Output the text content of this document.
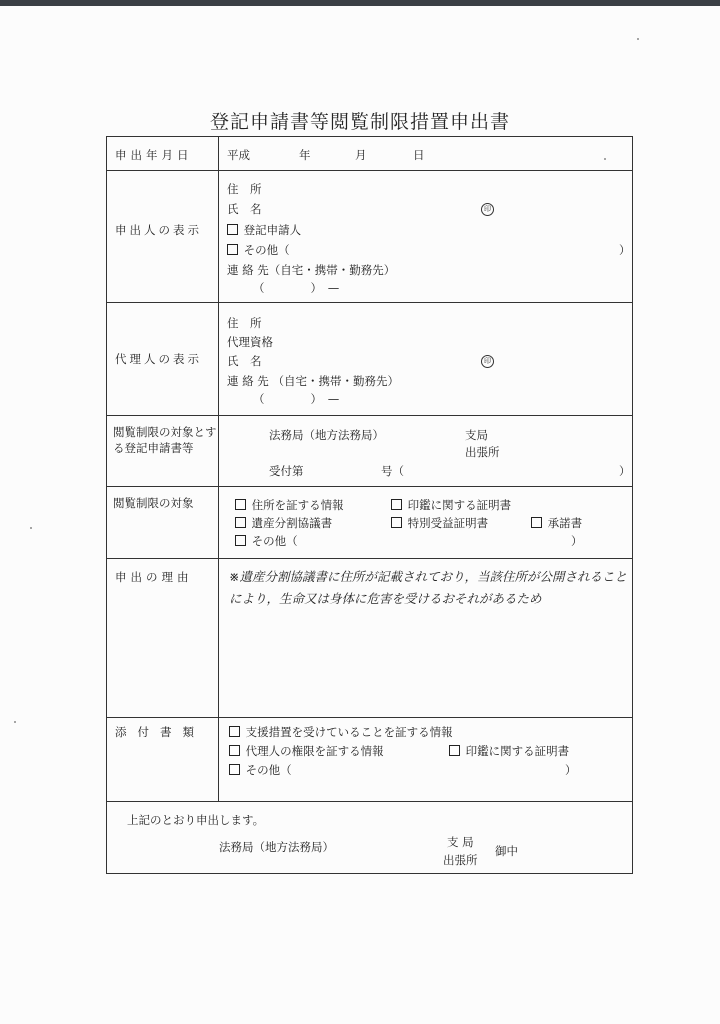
登記申請書等閲覧制限措置申出書
申出年月日	平成	年	月	日
申出人の表示
住　所
氏　名	印
登記申請人
その他（	）
連 絡 先（自宅・携帯・勤務先）
（　　　　）　—
代理人の表示
住　所
代理資格
氏　名	印
連 絡 先 （自宅・携帯・勤務先）
（　　　　）　—
閲覧制限の対象とする登記申請書等
法務局（地方法務局）	支局
出張所
受付第	号（	）
閲覧制限の対象	住所を証する情報	印鑑に関する証明書
遺産分割協議書	特別受益証明書	承諾書
その他（	）
申出の理由	※遺産分割協議書に住所が記載されており，当該住所が公開されることにより，生命又は身体に危害を受けるおそれがあるため
添付書類	支援措置を受けていることを証する情報
代理人の権限を証する情報	印鑑に関する証明書
その他（	）
上記のとおり申出します。
法務局（地方法務局）	支 局
出張所
御中
